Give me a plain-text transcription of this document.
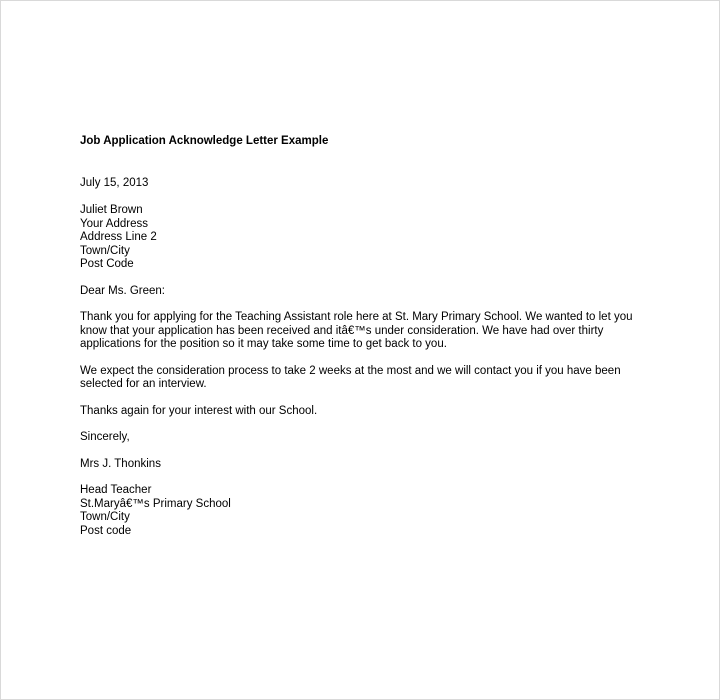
Job Application Acknowledge Letter Example
July 15, 2013
Juliet Brown
Your Address
Address Line 2
Town/City
Post Code
Dear Ms. Green:
Thank you for applying for the Teaching Assistant role here at St. Mary Primary School. We wanted to let you
know that your application has been received and itâ€™s under consideration. We have had over thirty
applications for the position so it may take some time to get back to you.
We expect the consideration process to take 2 weeks at the most and we will contact you if you have been
selected for an interview.
Thanks again for your interest with our School.
Sincerely,
Mrs J. Thonkins
Head Teacher
St.Maryâ€™s Primary School
Town/City
Post code
